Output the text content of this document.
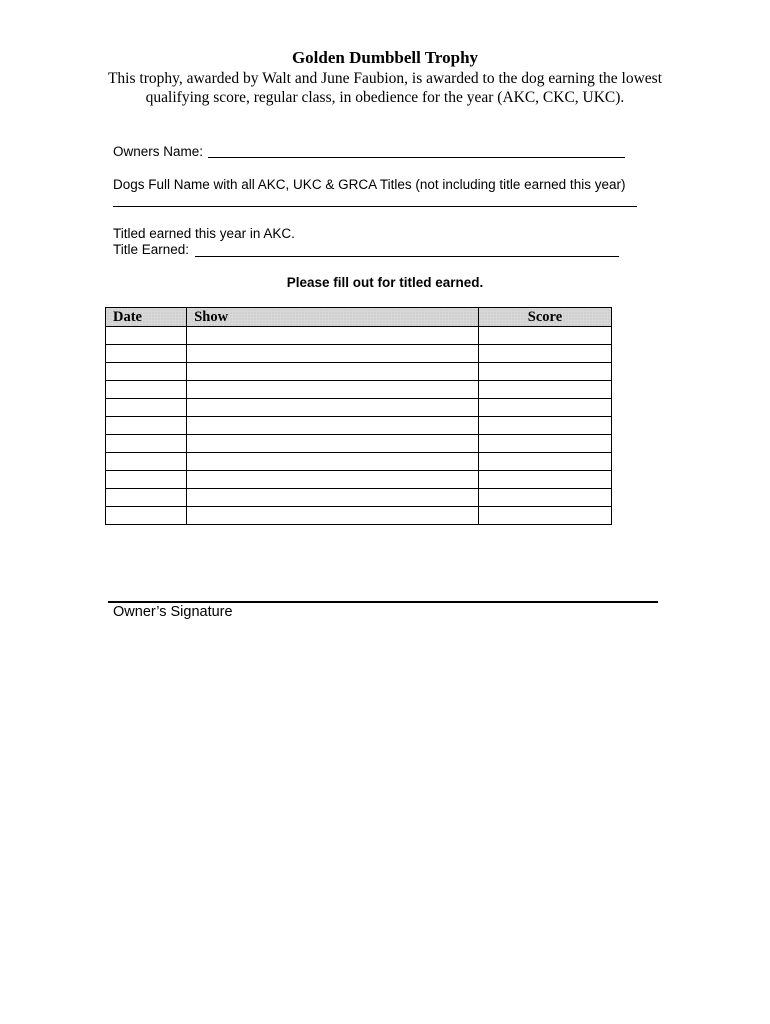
Golden Dumbbell Trophy
This trophy, awarded by Walt and June Faubion, is awarded to the dog earning the lowest
qualifying score, regular class, in obedience for the year (AKC, CKC, UKC).
Owners Name:
Dogs Full Name with all AKC, UKC & GRCA Titles (not including title earned this year)
Titled earned this year in AKC.
Title Earned:
Please fill out for titled earned.
Date	Show	Score

Owner’s Signature
